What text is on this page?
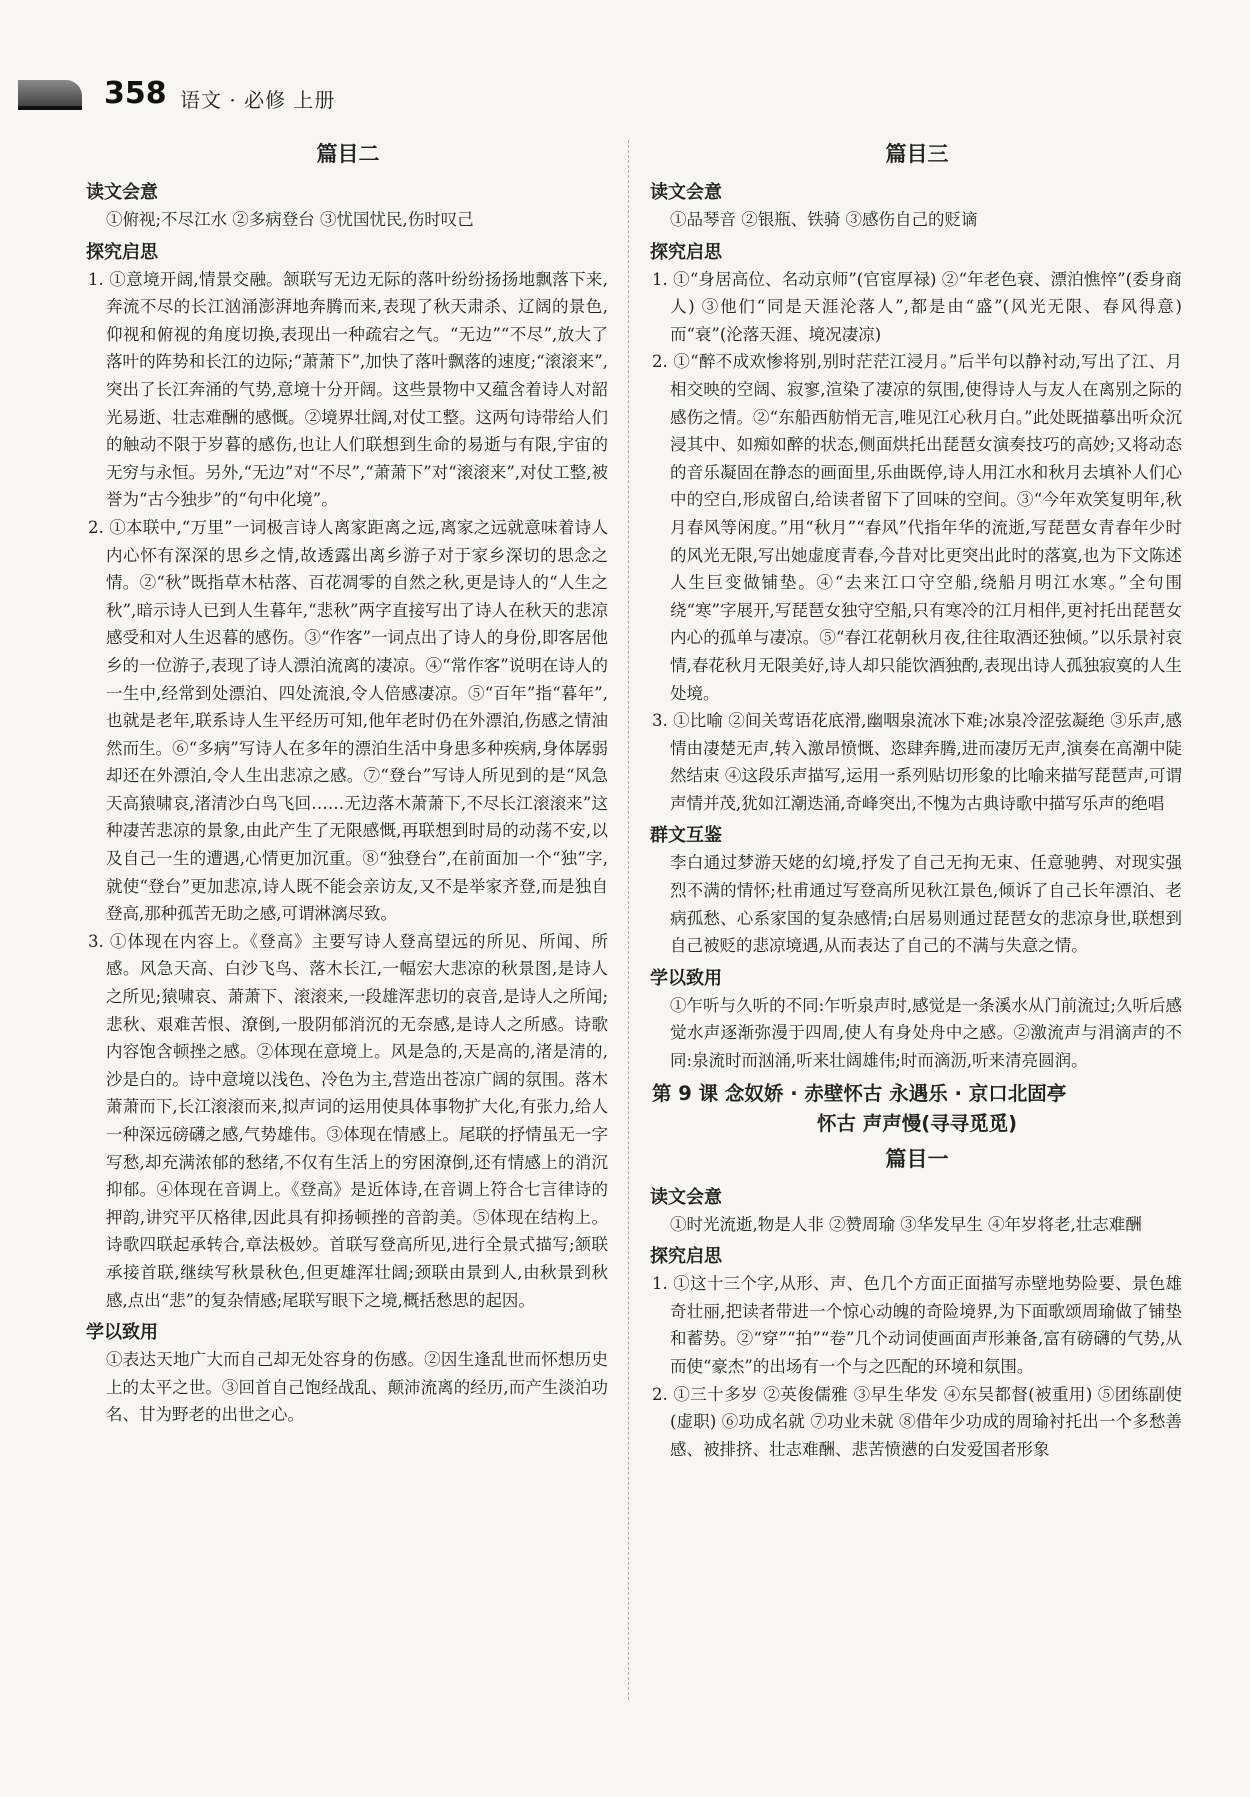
358 语文 · 必修 上册
篇目二
读文会意

①俯视;不尽江水 ②多病登台 ③忧国忧民,伤时叹己

探究启思

1. ①意境开阔,情景交融。颔联写无边无际的落叶纷纷扬扬地飘落下来,奔流不尽的长江汹涌澎湃地奔腾而来,表现了秋天肃杀、辽阔的景色,仰视和俯视的角度切换,表现出一种疏宕之气。“无边”“不尽”,放大了落叶的阵势和长江的边际;“萧萧下”,加快了落叶飘落的速度;“滚滚来”,突出了长江奔涌的气势,意境十分开阔。这些景物中又蕴含着诗人对韶光易逝、壮志难酬的感慨。②境界壮阔,对仗工整。这两句诗带给人们的触动不限于岁暮的感伤,也让人们联想到生命的易逝与有限,宇宙的无穷与永恒。另外,“无边”对“不尽”,“萧萧下”对“滚滚来”,对仗工整,被誉为“古今独步”的“句中化境”。

2. ①本联中,“万里”一词极言诗人离家距离之远,离家之远就意味着诗人内心怀有深深的思乡之情,故透露出离乡游子对于家乡深切的思念之情。②“秋”既指草木枯落、百花凋零的自然之秋,更是诗人的“人生之秋”,暗示诗人已到人生暮年,“悲秋”两字直接写出了诗人在秋天的悲凉感受和对人生迟暮的感伤。③“作客”一词点出了诗人的身份,即客居他乡的一位游子,表现了诗人漂泊流离的凄凉。④“常作客”说明在诗人的一生中,经常到处漂泊、四处流浪,令人倍感凄凉。⑤“百年”指“暮年”,也就是老年,联系诗人生平经历可知,他年老时仍在外漂泊,伤感之情油然而生。⑥“多病”写诗人在多年的漂泊生活中身患多种疾病,身体孱弱却还在外漂泊,令人生出悲凉之感。⑦“登台”写诗人所见到的是“风急天高猿啸哀,渚清沙白鸟飞回……无边落木萧萧下,不尽长江滚滚来”这种凄苦悲凉的景象,由此产生了无限感慨,再联想到时局的动荡不安,以及自己一生的遭遇,心情更加沉重。⑧“独登台”,在前面加一个“独”字,就使“登台”更加悲凉,诗人既不能会亲访友,又不是举家齐登,而是独自登高,那种孤苦无助之感,可谓淋漓尽致。

3. ①体现在内容上。《登高》主要写诗人登高望远的所见、所闻、所感。风急天高、白沙飞鸟、落木长江,一幅宏大悲凉的秋景图,是诗人之所见;猿啸哀、萧萧下、滚滚来,一段雄浑悲切的哀音,是诗人之所闻;悲秋、艰难苦恨、潦倒,一股阴郁消沉的无奈感,是诗人之所感。诗歌内容饱含顿挫之感。②体现在意境上。风是急的,天是高的,渚是清的,沙是白的。诗中意境以浅色、冷色为主,营造出苍凉广阔的氛围。落木萧萧而下,长江滚滚而来,拟声词的运用使具体事物扩大化,有张力,给人一种深远磅礴之感,气势雄伟。③体现在情感上。尾联的抒情虽无一字写愁,却充满浓郁的愁绪,不仅有生活上的穷困潦倒,还有情感上的消沉抑郁。④体现在音调上。《登高》是近体诗,在音调上符合七言律诗的押韵,讲究平仄格律,因此具有抑扬顿挫的音韵美。⑤体现在结构上。诗歌四联起承转合,章法极妙。首联写登高所见,进行全景式描写;颔联承接首联,继续写秋景秋色,但更雄浑壮阔;颈联由景到人,由秋景到秋感,点出“悲”的复杂情感;尾联写眼下之境,概括愁思的起因。

学以致用

①表达天地广大而自己却无处容身的伤感。②因生逢乱世而怀想历史上的太平之世。③回首自己饱经战乱、颠沛流离的经历,而产生淡泊功名、甘为野老的出世之心。

篇目三
读文会意

①品琴音 ②银瓶、铁骑 ③感伤自己的贬谪

探究启思

1. ①“身居高位、名动京师”(官宦厚禄) ②“年老色衰、漂泊憔悴”(委身商人) ③他们“同是天涯沦落人”,都是由“盛”(风光无限、春风得意)而“衰”(沦落天涯、境况凄凉)

2. ①“醉不成欢惨将别,别时茫茫江浸月。”后半句以静衬动,写出了江、月相交映的空阔、寂寥,渲染了凄凉的氛围,使得诗人与友人在离别之际的感伤之情。②“东船西舫悄无言,唯见江心秋月白。”此处既描摹出听众沉浸其中、如痴如醉的状态,侧面烘托出琵琶女演奏技巧的高妙;又将动态的音乐凝固在静态的画面里,乐曲既停,诗人用江水和秋月去填补人们心中的空白,形成留白,给读者留下了回味的空间。③“今年欢笑复明年,秋月春风等闲度。”用“秋月”“春风”代指年华的流逝,写琵琶女青春年少时的风光无限,写出她虚度青春,今昔对比更突出此时的落寞,也为下文陈述人生巨变做铺垫。④“去来江口守空船,绕船月明江水寒。”全句围绕“寒”字展开,写琵琶女独守空船,只有寒冷的江月相伴,更衬托出琵琶女内心的孤单与凄凉。⑤“春江花朝秋月夜,往往取酒还独倾。”以乐景衬哀情,春花秋月无限美好,诗人却只能饮酒独酌,表现出诗人孤独寂寞的人生处境。

3. ①比喻 ②间关莺语花底滑,幽咽泉流冰下难;冰泉冷涩弦凝绝 ③乐声,感情由凄楚无声,转入激昂愤慨、恣肆奔腾,进而凄厉无声,演奏在高潮中陡然结束 ④这段乐声描写,运用一系列贴切形象的比喻来描写琵琶声,可谓声情并茂,犹如江潮迭涌,奇峰突出,不愧为古典诗歌中描写乐声的绝唱

群文互鉴

李白通过梦游天姥的幻境,抒发了自己无拘无束、任意驰骋、对现实强烈不满的情怀;杜甫通过写登高所见秋江景色,倾诉了自己长年漂泊、老病孤愁、心系家国的复杂感情;白居易则通过琵琶女的悲凉身世,联想到自己被贬的悲凉境遇,从而表达了自己的不满与失意之情。

学以致用

①乍听与久听的不同:乍听泉声时,感觉是一条溪水从门前流过;久听后感觉水声逐渐弥漫于四周,使人有身处舟中之感。②激流声与涓滴声的不同:泉流时而汹涌,听来壮阔雄伟;时而滴沥,听来清亮圆润。

第 9 课 念奴娇 · 赤壁怀古 永遇乐 · 京口北固亭
怀古 声声慢(寻寻觅觅)
篇目一
读文会意

①时光流逝,物是人非 ②赞周瑜 ③华发早生 ④年岁将老,壮志难酬

探究启思

1. ①这十三个字,从形、声、色几个方面正面描写赤壁地势险要、景色雄奇壮丽,把读者带进一个惊心动魄的奇险境界,为下面歌颂周瑜做了铺垫和蓄势。②“穿”“拍”“卷”几个动词使画面声形兼备,富有磅礴的气势,从而使“豪杰”的出场有一个与之匹配的环境和氛围。

2. ①三十多岁 ②英俊儒雅 ③早生华发 ④东吴都督(被重用) ⑤团练副使(虚职) ⑥功成名就 ⑦功业未就 ⑧借年少功成的周瑜衬托出一个多愁善感、被排挤、壮志难酬、悲苦愤懑的白发爱国者形象
